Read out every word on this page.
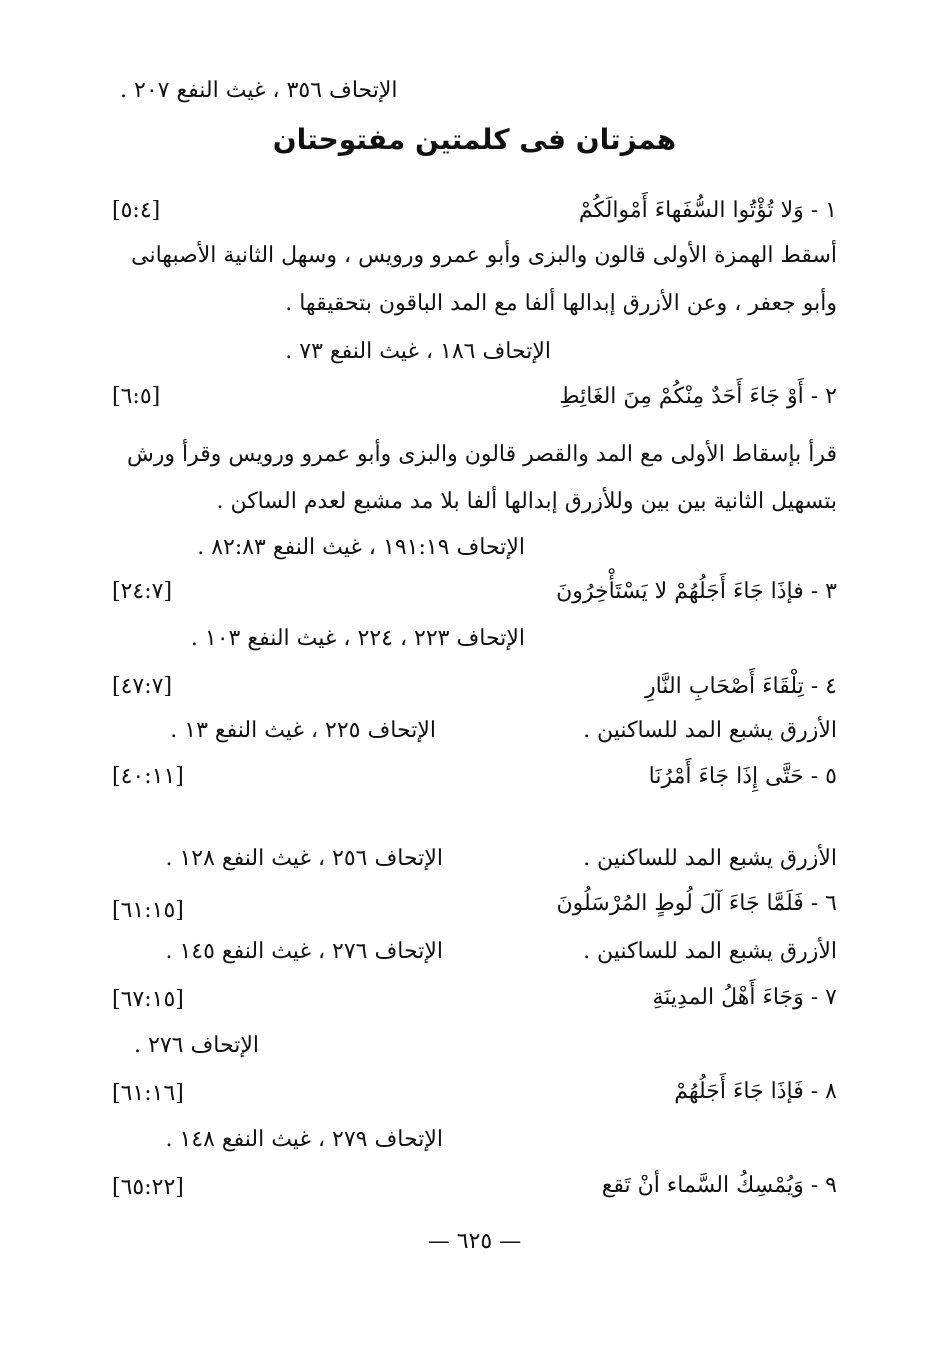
الإتحاف ٣٥٦ ، غيث النفع ٢٠٧ .
همزتان فى كلمتين مفتوحتان
١ - وَلا تُؤْتُوا السُّفَهاءَ أَمْوالَكُمْ
[٥:٤]
أسقط الهمزة الأولى قالون والبزى وأبو عمرو ورويس ، وسهل الثانية الأصبهانى
وأبو جعفر ، وعن الأزرق إبدالها ألفا مع المد الباقون بتحقيقها .
الإتحاف ١٨٦ ، غيث النفع ٧٣ .
٢ - أَوْ جَاءَ أَحَدٌ مِنْكُمْ مِنَ الغَائِطِ
[٦:٥]
قرأ بإسقاط الأولى مع المد والقصر قالون والبزى وأبو عمرو ورويس وقرأ ورش
بتسهيل الثانية بين بين وللأزرق إبدالها ألفا بلا مد مشبع لعدم الساكن .
الإتحاف ١٩١:١٩ ، غيث النفع ٨٢:٨٣ .
٣ - فإذَا جَاءَ أَجَلُهُمْ لا يَسْتَأْخِرُونَ
[٢٤:٧]
الإتحاف ٢٢٣ ، ٢٢٤ ، غيث النفع ١٠٣ .
٤ - تِلْقَاءَ أَصْحَابِ النَّارِ
[٤٧:٧]
الأزرق يشبع المد للساكنين .
الإتحاف ٢٢٥ ، غيث النفع ١٣ .
٥ - حَتَّى إِذَا جَاءَ أَمْرُنَا
[٤٠:١١]
الأزرق يشبع المد للساكنين .
الإتحاف ٢٥٦ ، غيث النفع ١٢٨ .
٦ - فَلَمَّا جَاءَ آلَ لُوطٍ المُرْسَلُونَ
[٦١:١٥]
الأزرق يشبع المد للساكنين .
الإتحاف ٢٧٦ ، غيث النفع ١٤٥ .
٧ - وَجَاءَ أَهْلُ المدِينَةِ
[٦٧:١٥]
الإتحاف ٢٧٦ .
٨ - فَإذَا جَاءَ أَجَلُهُمْ
[٦١:١٦]
الإتحاف ٢٧٩ ، غيث النفع ١٤٨ .
٩ - وَيُمْسِكُ السَّماء أنْ تَقع
[٦٥:٢٢]
— ٦٢٥ —
